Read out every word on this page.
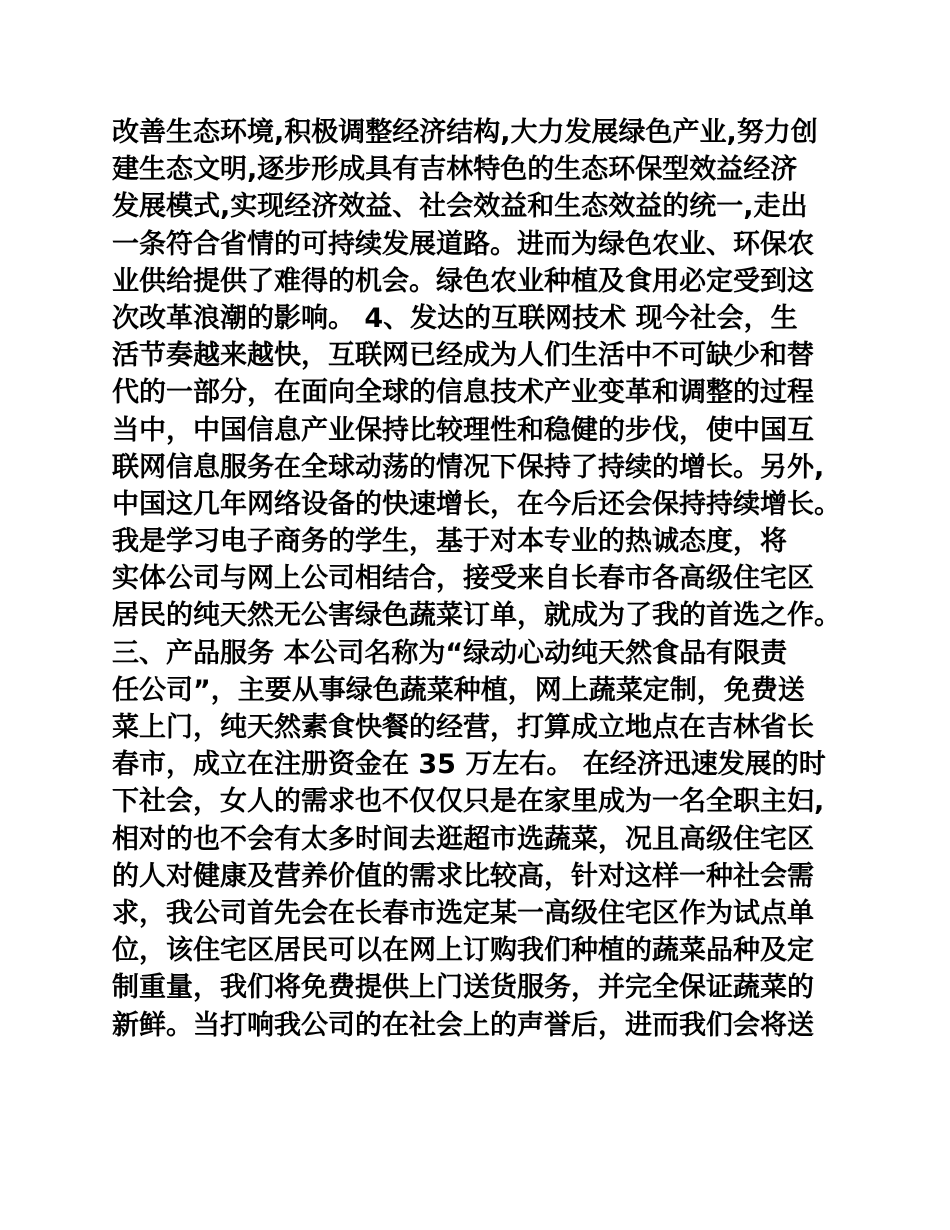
改善生态环境,积极调整经济结构,大力发展绿色产业,努力创
建生态文明,逐步形成具有吉林特色的生态环保型效益经济
发展模式,实现经济效益、社会效益和生态效益的统一,走出
一条符合省情的可持续发展道路。进而为绿色农业、环保农
业供给提供了难得的机会。绿色农业种植及食用必定受到这
次改革浪潮的影响。 4、发达的互联网技术 现今社会，生
活节奏越来越快，互联网已经成为人们生活中不可缺少和替
代的一部分，在面向全球的信息技术产业变革和调整的过程
当中，中国信息产业保持比较理性和稳健的步伐，使中国互
联网信息服务在全球动荡的情况下保持了持续的增长。另外,
中国这几年网络设备的快速增长，在今后还会保持持续增长。
我是学习电子商务的学生，基于对本专业的热诚态度，将
实体公司与网上公司相结合，接受来自长春市各高级住宅区
居民的纯天然无公害绿色蔬菜订单，就成为了我的首选之作。
三、产品服务 本公司名称为“绿动心动纯天然食品有限责
任公司”，主要从事绿色蔬菜种植，网上蔬菜定制，免费送
菜上门，纯天然素食快餐的经营，打算成立地点在吉林省长
春市，成立在注册资金在 35 万左右。 在经济迅速发展的时
下社会，女人的需求也不仅仅只是在家里成为一名全职主妇,
相对的也不会有太多时间去逛超市选蔬菜，况且高级住宅区
的人对健康及营养价值的需求比较高，针对这样一种社会需
求，我公司首先会在长春市选定某一高级住宅区作为试点单
位，该住宅区居民可以在网上订购我们种植的蔬菜品种及定
制重量，我们将免费提供上门送货服务，并完全保证蔬菜的
新鲜。当打响我公司的在社会上的声誉后，进而我们会将送
